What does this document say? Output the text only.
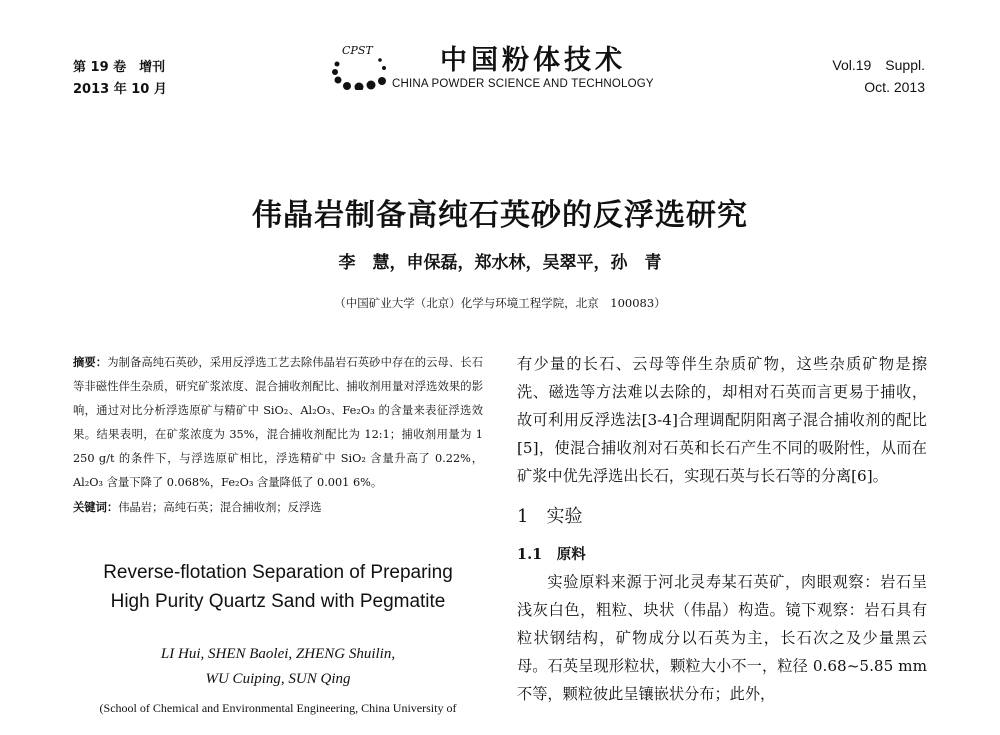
第 19 卷　增刊
2013 年 10 月
CPST 中国粉体技术
CHINA POWDER SCIENCE AND TECHNOLOGY
Vol.19　Suppl.
Oct. 2013
伟晶岩制备高纯石英砂的反浮选研究
李　慧，申保磊，郑水林，吴翠平，孙　青
（中国矿业大学（北京）化学与环境工程学院，北京　100083）
摘要：为制备高纯石英砂，采用反浮选工艺去除伟晶岩石英砂中存在的云母、长石等非磁性伴生杂质，研究矿浆浓度、混合捕收剂配比、捕收剂用量对浮选效果的影响，通过对比分析浮选原矿与精矿中 SiO₂、Al₂O₃、Fe₂O₃ 的含量来表征浮选效果。结果表明，在矿浆浓度为 35%，混合捕收剂配比为 12:1；捕收剂用量为 1 250 g/t 的条件下，与浮选原矿相比，浮选精矿中 SiO₂ 含量升高了 0.22%，Al₂O₃ 含量下降了 0.068%，Fe₂O₃ 含量降低了 0.001 6%。
关键词：伟晶岩；高纯石英；混合捕收剂；反浮选
Reverse-flotation Separation of Preparing
High Purity Quartz Sand with Pegmatite
LI Hui, SHEN Baolei, ZHENG Shuilin,
WU Cuiping, SUN Qing
(School of Chemical and Environmental Engineering, China University of

有少量的长石、云母等伴生杂质矿物，这些杂质矿物是擦洗、磁选等方法难以去除的，却相对石英而言更易于捕收，故可利用反浮选法[3-4]合理调配阴阳离子混合捕收剂的配比[5]，使混合捕收剂对石英和长石产生不同的吸附性，从而在矿浆中优先浮选出长石，实现石英与长石等的分离[6]。

1　实验
1.1　原料

实验原料来源于河北灵寿某石英矿，肉眼观察：岩石呈浅灰白色，粗粒、块状（伟晶）构造。镜下观察：岩石具有粒状钢结构，矿物成分以石英为主，长石次之及少量黑云母。石英呈现形粒状，颗粒大小不一，粒径 0.68~5.85 mm 不等，颗粒彼此呈镶嵌状分布；此外，
